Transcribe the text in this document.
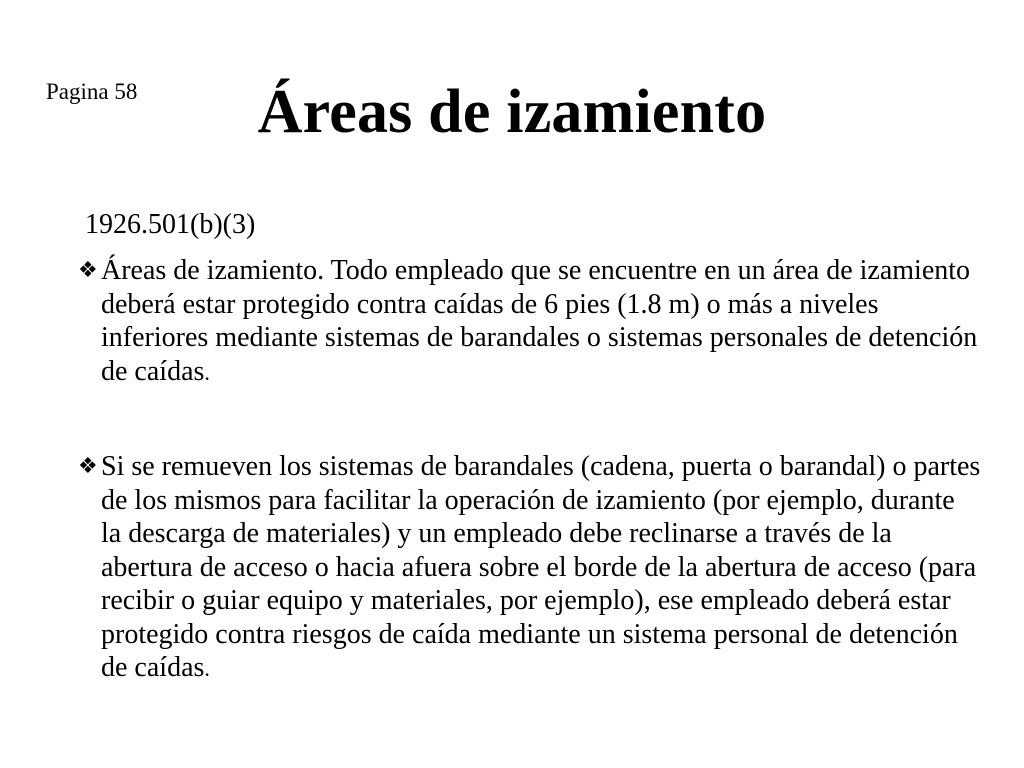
Pagina 58	Áreas de izamiento
1926.501(b)(3)
❖ Áreas de izamiento. Todo empleado que se encuentre en un área de izamiento deberá estar protegido contra caídas de 6 pies (1.8 m) o más a niveles inferiores mediante sistemas de barandales o sistemas personales de detención de caídas.
❖ Si se remueven los sistemas de barandales (cadena, puerta o barandal) o partes de los mismos para facilitar la operación de izamiento (por ejemplo, durante la descarga de materiales) y un empleado debe reclinarse a través de la abertura de acceso o hacia afuera sobre el borde de la abertura de acceso (para recibir o guiar equipo y materiales, por ejemplo), ese empleado deberá estar protegido contra riesgos de caída mediante un sistema personal de detención de caídas.
